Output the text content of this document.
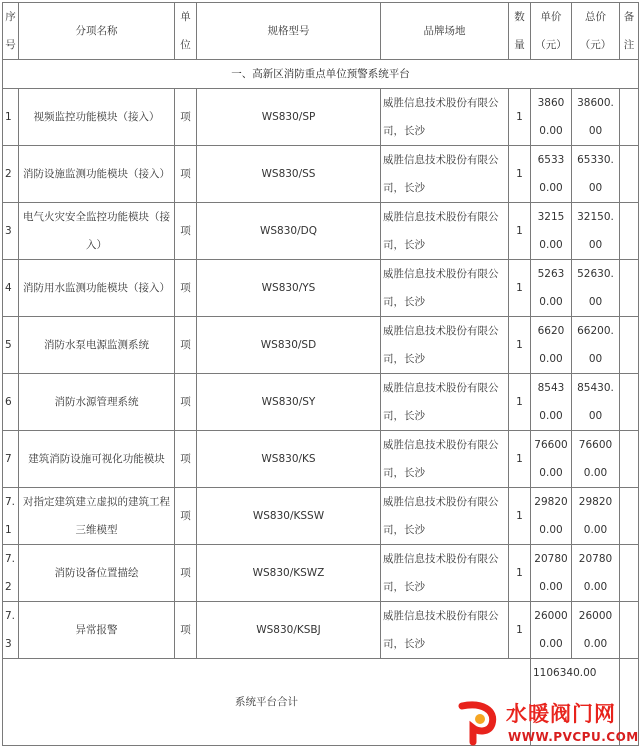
序号	分项名称	单位	规格型号	品牌场地	数量	单价（元）	总价（元）	备注
一、高新区消防重点单位预警系统平台								
1	视频监控功能模块（接入）	项	WS830/SP	威胜信息技术股份有限公司，长沙	1	38600.00	38600.00	
2	消防设施监测功能模块（接入）	项	WS830/SS	威胜信息技术股份有限公司，长沙	1	65330.00	65330.00	
3	电气火灾安全监控功能模块（接入）	项	WS830/DQ	威胜信息技术股份有限公司，长沙	1	32150.00	32150.00	
4	消防用水监测功能模块（接入）	项	WS830/YS	威胜信息技术股份有限公司，长沙	1	52630.00	52630.00	
5	消防水泵电源监测系统	项	WS830/SD	威胜信息技术股份有限公司，长沙	1	66200.00	66200.00	
6	消防水源管理系统	项	WS830/SY	威胜信息技术股份有限公司，长沙	1	85430.00	85430.00	
7	建筑消防设施可视化功能模块	项	WS830/KS	威胜信息技术股份有限公司，长沙	1	766000.00	766000.00	
7.1	对指定建筑建立虚拟的建筑工程三维模型	项	WS830/KSSW	威胜信息技术股份有限公司，长沙	1	298200.00	298200.00	
7.2	消防设备位置描绘	项	WS830/KSWZ	威胜信息技术股份有限公司，长沙	1	207800.00	207800.00	
7.3	异常报警	项	WS830/KSBJ	威胜信息技术股份有限公司，长沙	1	260000.00	260000.00	
系统平台合计						1106340.00		
水暖阀门网
WWW.PVCPU.COM
